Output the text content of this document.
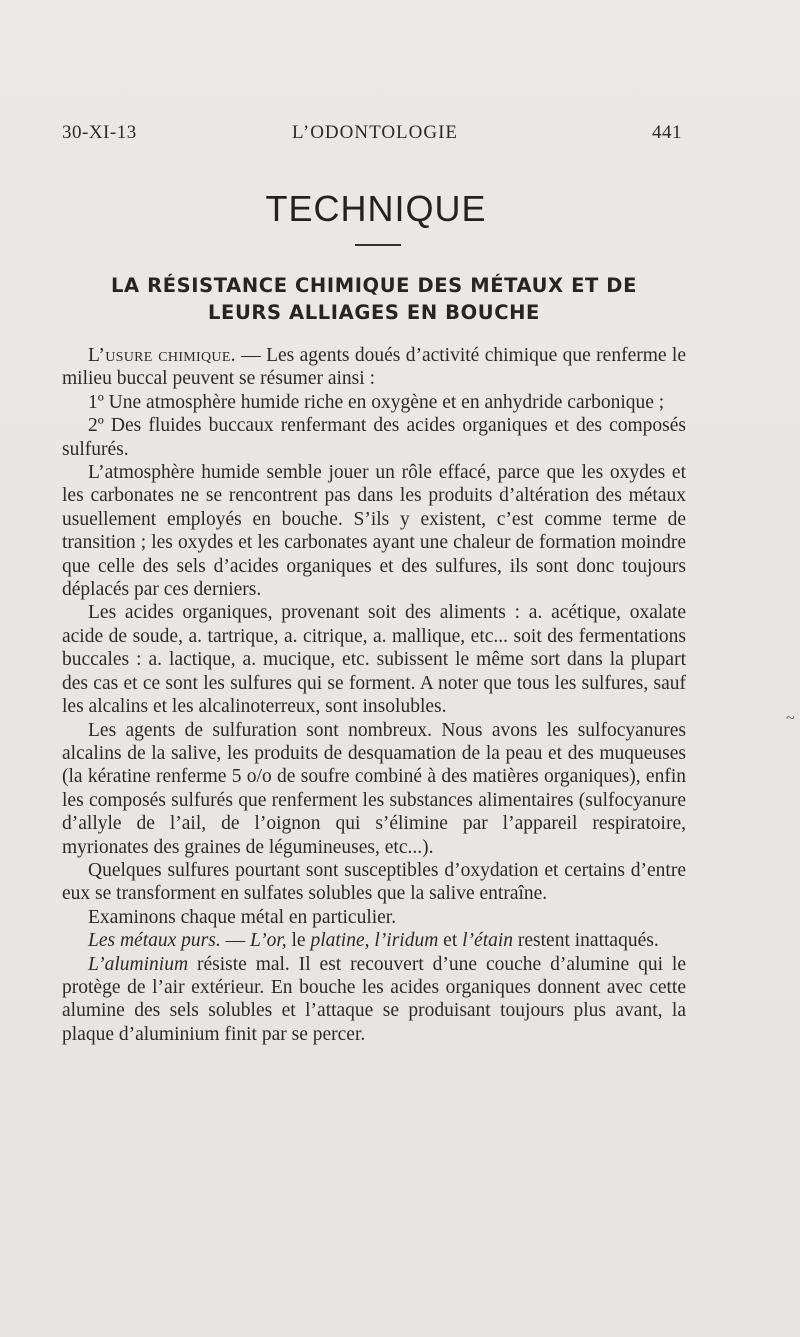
30-XI-13	L’ODONTOLOGIE	441
TECHNIQUE
LA RÉSISTANCE CHIMIQUE DES MÉTAUX ET DE
LEURS ALLIAGES EN BOUCHE

L’usure chimique. — Les agents doués d’activité chimique que renferme le milieu buccal peuvent se résumer ainsi :

1º Une atmosphère humide riche en oxygène et en anhydride carbonique ;

2º Des fluides buccaux renfermant des acides organiques et des composés sulfurés.

L’atmosphère humide semble jouer un rôle effacé, parce que les oxydes et les carbonates ne se rencontrent pas dans les produits d’altération des métaux usuellement employés en bouche. S’ils y existent, c’est comme terme de transition ; les oxydes et les carbonates ayant une chaleur de formation moindre que celle des sels d’acides organiques et des sulfures, ils sont donc toujours déplacés par ces derniers.

Les acides organiques, provenant soit des aliments : a. acétique, oxalate acide de soude, a. tartrique, a. citrique, a. mallique, etc... soit des fermentations buccales : a. lactique, a. mucique, etc. subissent le même sort dans la plupart des cas et ce sont les sulfures qui se forment. A noter que tous les sulfures, sauf les alcalins et les alcalinoterreux, sont insolubles.

Les agents de sulfuration sont nombreux. Nous avons les sulfocyanures alcalins de la salive, les produits de desquamation de la peau et des muqueuses (la kératine renferme 5 o/o de soufre combiné à des matières organiques), enfin les composés sulfurés que renferment les substances alimentaires (sulfocyanure d’allyle de l’ail, de l’oignon qui s’élimine par l’appareil respiratoire, myrionates des graines de légumineuses, etc...).

Quelques sulfures pourtant sont susceptibles d’oxydation et certains d’entre eux se transforment en sulfates solubles que la salive entraîne.

Examinons chaque métal en particulier.

Les métaux purs. — L’or, le platine, l’iridum et l’étain restent inattaqués.

L’aluminium résiste mal. Il est recouvert d’une couche d’alumine qui le protège de l’air extérieur. En bouche les acides organiques donnent avec cette alumine des sels solubles et l’attaque se produisant toujours plus avant, la plaque d’aluminium finit par se percer.

~
